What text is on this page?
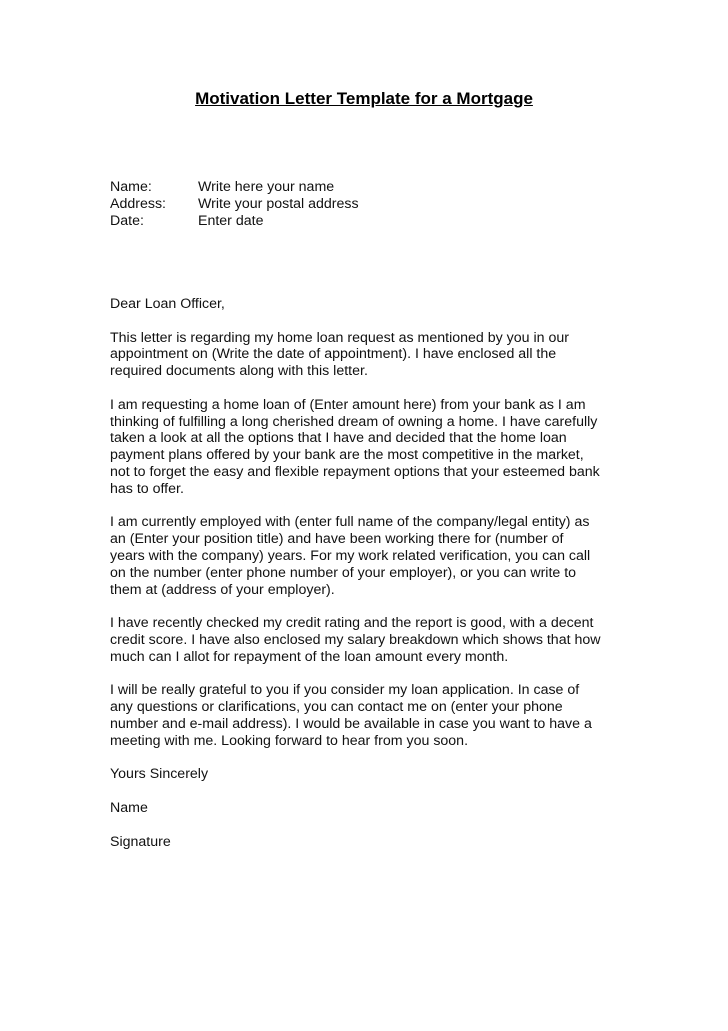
Motivation Letter Template for a Mortgage
Name:	Write here your name
Address:	Write your postal address
Date:	Enter date

Dear Loan Officer,

This letter is regarding my home loan request as mentioned by you in our
appointment on (Write the date of appointment). I have enclosed all the
required documents along with this letter.

I am requesting a home loan of (Enter amount here) from your bank as I am
thinking of fulfilling a long cherished dream of owning a home. I have carefully
taken a look at all the options that I have and decided that the home loan
payment plans offered by your bank are the most competitive in the market,
not to forget the easy and flexible repayment options that your esteemed bank
has to offer.

I am currently employed with (enter full name of the company/legal entity) as
an (Enter your position title) and have been working there for (number of
years with the company) years. For my work related verification, you can call
on the number (enter phone number of your employer), or you can write to
them at (address of your employer).

I have recently checked my credit rating and the report is good, with a decent
credit score. I have also enclosed my salary breakdown which shows that how
much can I allot for repayment of the loan amount every month.

I will be really grateful to you if you consider my loan application. In case of
any questions or clarifications, you can contact me on (enter your phone
number and e-mail address). I would be available in case you want to have a
meeting with me. Looking forward to hear from you soon.

Yours Sincerely

Name

Signature
